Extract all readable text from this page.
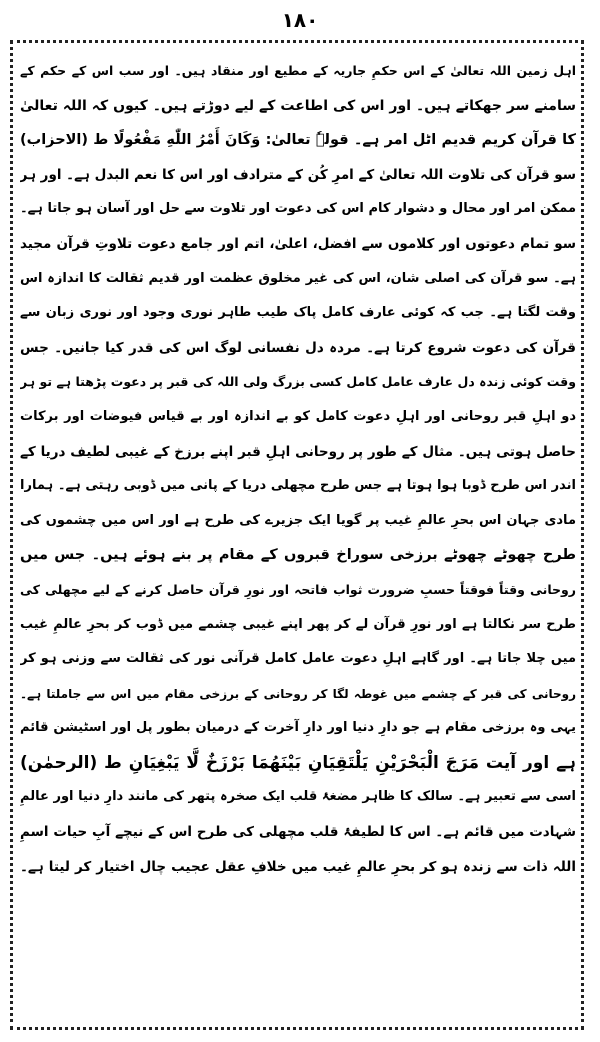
۱۸۰
اہل زمین اللہ تعالیٰ کے اس حکمِ جاریہ کے مطیع اور منقاد ہیں۔ اور سب اس کے حکم کے
سامنے سر جھکاتے ہیں۔ اور اس کی اطاعت کے لیے دوڑتے ہیں۔ کیوں کہ اللہ تعالیٰ
کا قرآن کریم قدیم اٹل امر ہے۔ قولہٗ تعالیٰ: وَكَانَ أَمْرُ اللّٰهِ مَفْعُولًا ط (الاحزاب)
سو قرآن کی تلاوت اللہ تعالیٰ کے امرِ کُن کے مترادف اور اس کا نعم البدل ہے۔ اور ہر
ممکن امر اور محال و دشوار کام اس کی دعوت اور تلاوت سے حل اور آسان ہو جاتا ہے۔
سو تمام دعوتوں اور کلاموں سے افضل، اعلیٰ، اتم اور جامع دعوت تلاوتِ قرآن مجید
ہے۔ سو قرآن کی اصلی شان، اس کی غیر مخلوق عظمت اور قدیم ثقالت کا اندازہ اس
وقت لگتا ہے۔ جب کہ کوئی عارف کامل پاک طیب طاہر نوری وجود اور نوری زبان سے
قرآن کی دعوت شروع کرتا ہے۔ مردہ دل نفسانی لوگ اس کی قدر کیا جانیں۔ جس
وقت کوئی زندہ دل عارف عامل کامل کسی بزرگ ولی اللہ کی قبر پر دعوت پڑھتا ہے تو ہر
دو اہلِ قبر روحانی اور اہلِ دعوت کامل کو بے اندازہ اور بے قیاس فیوضات اور برکات
حاصل ہوتی ہیں۔ مثال کے طور پر روحانی اہلِ قبر اپنے برزخ کے غیبی لطیف دریا کے
اندر اس طرح ڈوبا ہوا ہوتا ہے جس طرح مچھلی دریا کے پانی میں ڈوبی رہتی ہے۔ ہمارا
مادی جہان اس بحرِ عالمِ غیب پر گویا ایک جزیرے کی طرح ہے اور اس میں چشموں کی
طرح چھوٹے چھوٹے برزخی سوراخ قبروں کے مقام پر بنے ہوئے ہیں۔ جس میں
روحانی وقتاً فوقتاً حسبِ ضرورت ثواب فاتحہ اور نورِ قرآن حاصل کرنے کے لیے مچھلی کی
طرح سر نکالتا ہے اور نورِ قرآن لے کر پھر اپنے غیبی چشمے میں ڈوب کر بحرِ عالمِ غیب
میں چلا جاتا ہے۔ اور گاہے اہلِ دعوت عامل کامل قرآنی نور کی ثقالت سے وزنی ہو کر
روحانی کی قبر کے چشمے میں غوطہ لگا کر روحانی کے برزخی مقام میں اس سے جاملتا ہے۔
یہی وہ برزخی مقام ہے جو دارِ دنیا اور دارِ آخرت کے درمیان بطور پل اور اسٹیشن قائم
ہے اور آیت مَرَجَ الْبَحْرَيْنِ يَلْتَقِيَانِ بَيْنَهُمَا بَرْزَخٌ لَّا يَبْغِيَانِ ط (الرحمٰن)
اسی سے تعبیر ہے۔ سالک کا ظاہر مضغۂ قلب ایک صخرہ پتھر کی مانند دارِ دنیا اور عالمِ
شہادت میں قائم ہے۔ اس کا لطیفۂ قلب مچھلی کی طرح اس کے نیچے آبِ حیات اسمِ
اللہ ذات سے زندہ ہو کر بحرِ عالمِ غیب میں خلافِ عقل عجیب چال اختیار کر لیتا ہے۔
